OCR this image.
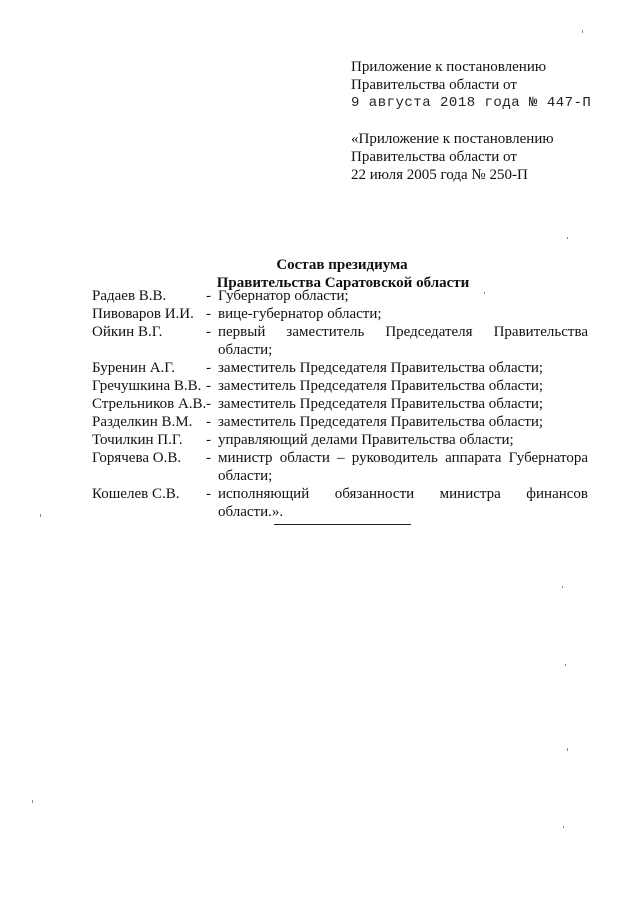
Приложение к постановлению
Правительства области от
9 августа 2018 года № 447-П
«Приложение к постановлению
Правительства области от
22 июля 2005 года № 250-П
Состав президиума
Правительства Саратовской области
Радаев В.В.	- Губернатор области;
Пивоваров И.И. - вице-губернатор области;
Ойкин В.Г.	- первый заместитель Председателя Правительства области;
Буренин А.Г.	- заместитель Председателя Правительства области;
Гречушкина В.В. - заместитель Председателя Правительства области;
Стрельников А.В. - заместитель Председателя Правительства области;
Разделкин В.М. - заместитель Председателя Правительства области;
Точилкин П.Г.	- управляющий делами Правительства области;
Горячева О.В.	- министр области – руководитель аппарата Губернатора области;
Кошелев С.В.	- исполняющий обязанности министра финансов области.».
